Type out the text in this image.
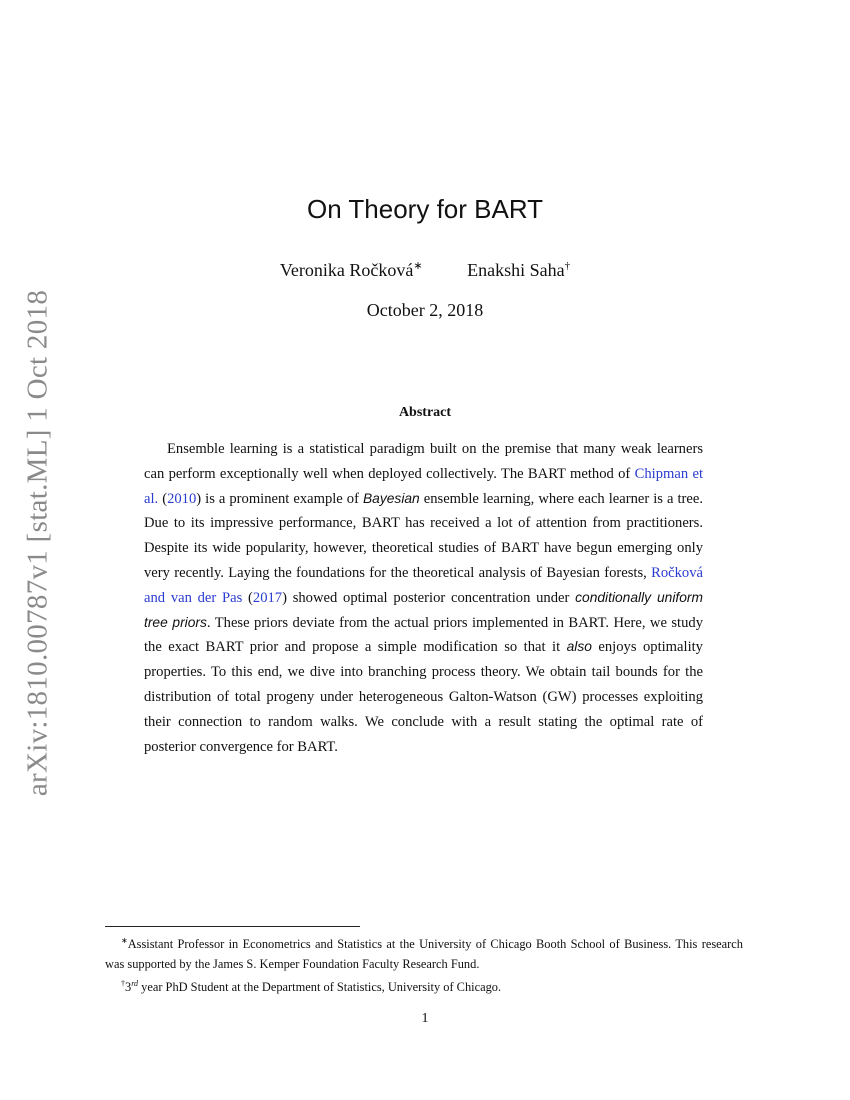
arXiv:1810.00787v1 [stat.ML] 1 Oct 2018
On Theory for BART
Veronika Ročková∗ Enakshi Saha†
October 2, 2018
Abstract

Ensemble learning is a statistical paradigm built on the premise that many weak learners can perform exceptionally well when deployed collectively. The BART method of Chipman et al. (2010) is a prominent example of Bayesian ensemble learning, where each learner is a tree. Due to its impressive performance, BART has received a lot of attention from practitioners. Despite its wide popularity, however, theoretical studies of BART have begun emerging only very recently. Laying the foundations for the theoretical analysis of Bayesian forests, Ročková and van der Pas (2017) showed optimal posterior concentration under conditionally uniform tree priors. These priors deviate from the actual priors implemented in BART. Here, we study the exact BART prior and propose a simple modification so that it also enjoys optimality properties. To this end, we dive into branching process theory. We obtain tail bounds for the distribution of total progeny under heterogeneous Galton-Watson (GW) processes exploiting their connection to random walks. We conclude with a result stating the optimal rate of posterior convergence for BART.

∗Assistant Professor in Econometrics and Statistics at the University of Chicago Booth School of Business. This research was supported by the James S. Kemper Foundation Faculty Research Fund.

†3rd year PhD Student at the Department of Statistics, University of Chicago.

1
